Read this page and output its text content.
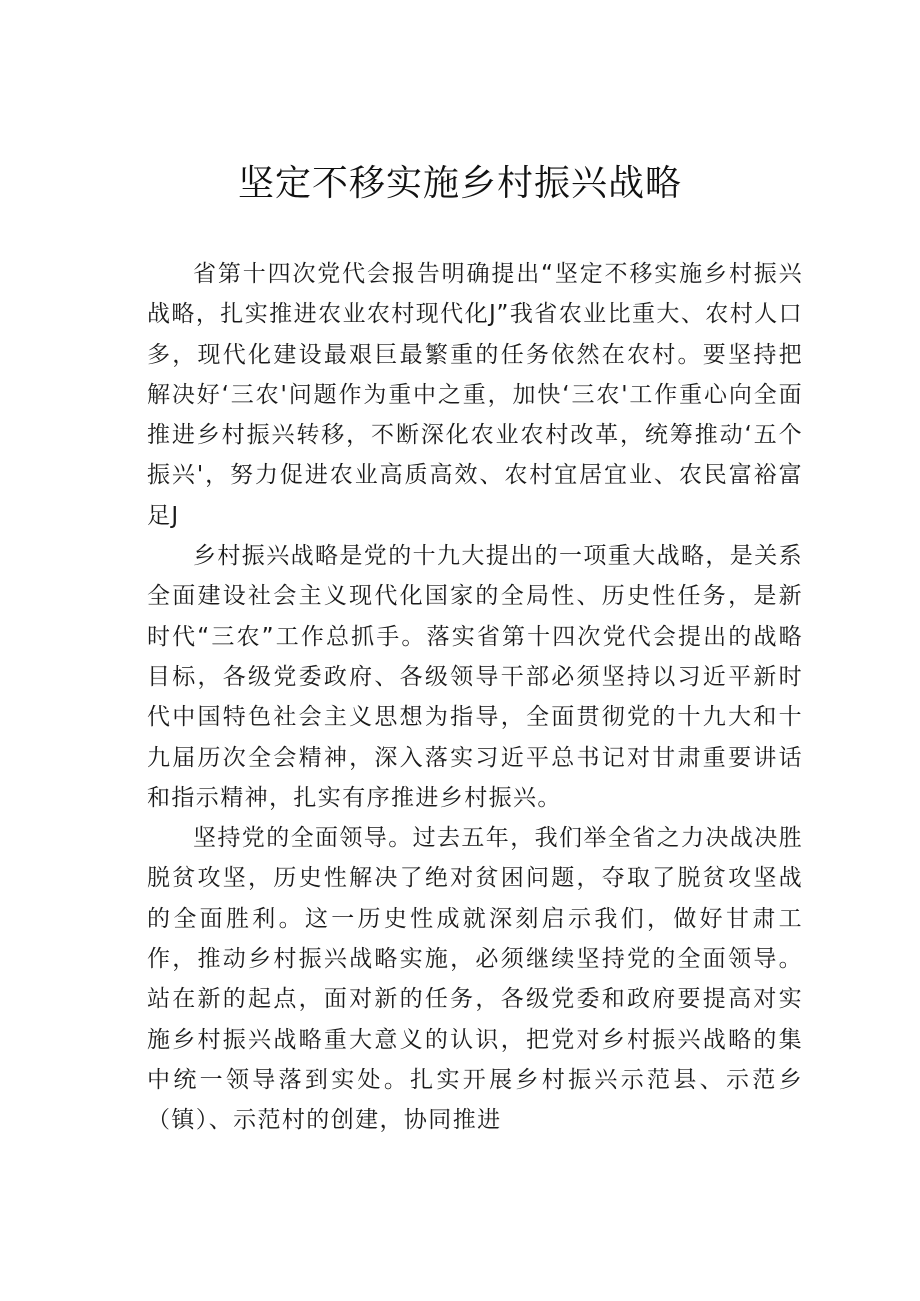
坚定不移实施乡村振兴战略

省第十四次党代会报告明确提出“坚定不移实施乡村振兴战略，扎实推进农业农村现代化J”我省农业比重大、农村人口多，现代化建设最艰巨最繁重的任务依然在农村。要坚持把解决好‘三农'问题作为重中之重，加快‘三农'工作重心向全面推进乡村振兴转移，不断深化农业农村改革，统筹推动‘五个振兴'，努力促进农业高质高效、农村宜居宜业、农民富裕富足J

乡村振兴战略是党的十九大提出的一项重大战略，是关系全面建设社会主义现代化国家的全局性、历史性任务，是新时代“三农”工作总抓手。落实省第十四次党代会提出的战略目标，各级党委政府、各级领导干部必须坚持以习近平新时代中国特色社会主义思想为指导，全面贯彻党的十九大和十九届历次全会精神，深入落实习近平总书记对甘肃重要讲话和指示精神，扎实有序推进乡村振兴。

坚持党的全面领导。过去五年，我们举全省之力决战决胜脱贫攻坚，历史性解决了绝对贫困问题，夺取了脱贫攻坚战的全面胜利。这一历史性成就深刻启示我们，做好甘肃工作，推动乡村振兴战略实施，必须继续坚持党的全面领导。站在新的起点，面对新的任务，各级党委和政府要提高对实施乡村振兴战略重大意义的认识，把党对乡村振兴战略的集中统一领导落到实处。扎实开展乡村振兴示范县、示范乡（镇）、示范村的创建，协同推进
